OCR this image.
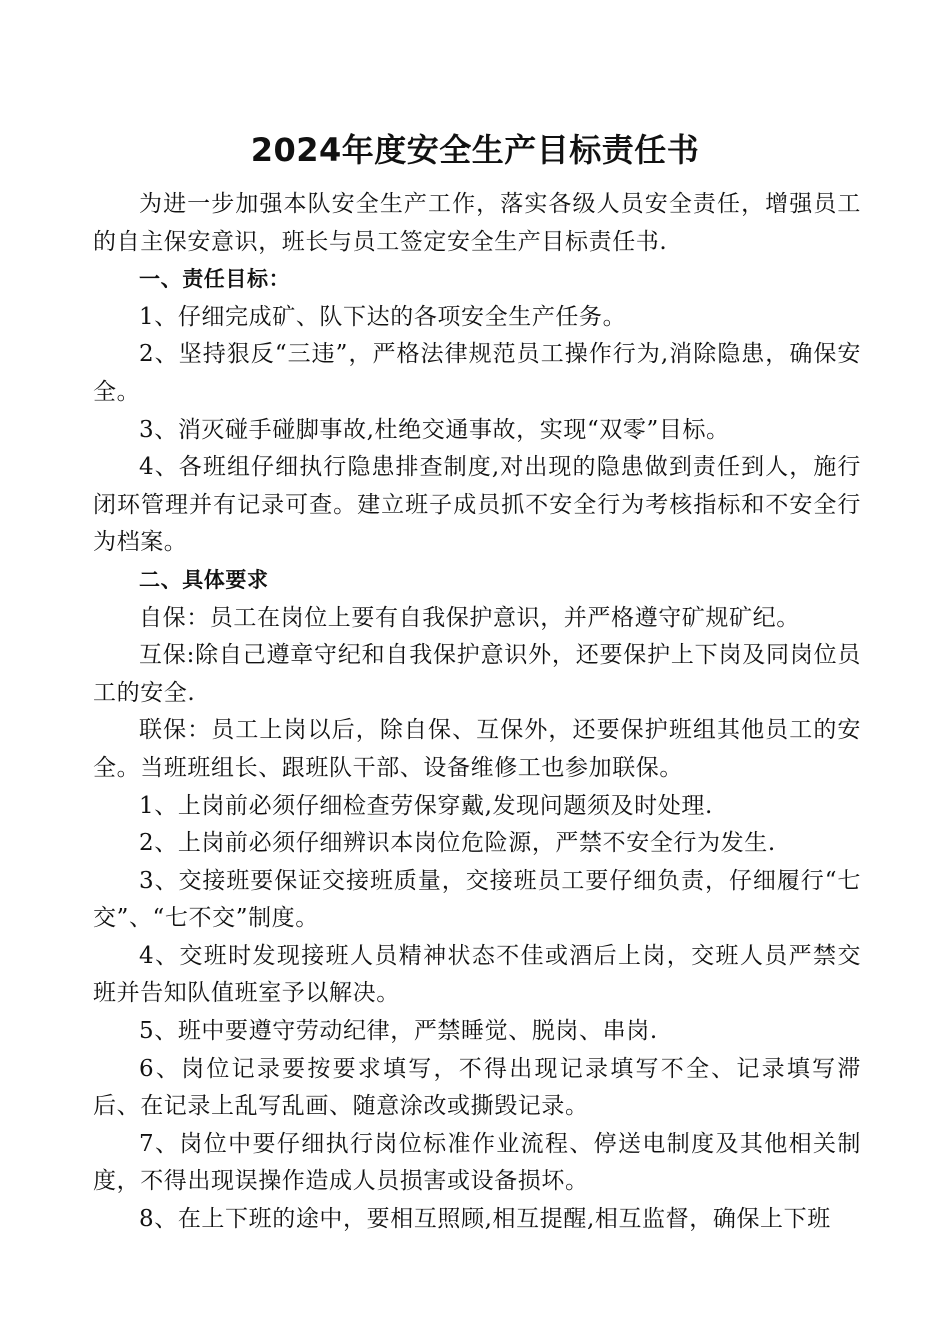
2024年度安全生产目标责任书

为进一步加强本队安全生产工作，落实各级人员安全责任，增强员工的自主保安意识，班长与员工签定安全生产目标责任书.

一、责任目标：

1、仔细完成矿、队下达的各项安全生产任务。

2、坚持狠反“三违”，严格法律规范员工操作行为,消除隐患，确保安全。

3、消灭碰手碰脚事故,杜绝交通事故，实现“双零”目标。

4、各班组仔细执行隐患排查制度,对出现的隐患做到责任到人，施行闭环管理并有记录可查。建立班子成员抓不安全行为考核指标和不安全行为档案。

二、具体要求

自保：员工在岗位上要有自我保护意识，并严格遵守矿规矿纪。

互保:除自己遵章守纪和自我保护意识外，还要保护上下岗及同岗位员工的安全.

联保：员工上岗以后，除自保、互保外，还要保护班组其他员工的安全。当班班组长、跟班队干部、设备维修工也参加联保。

1、上岗前必须仔细检查劳保穿戴,发现问题须及时处理.

2、上岗前必须仔细辨识本岗位危险源，严禁不安全行为发生.

3、交接班要保证交接班质量，交接班员工要仔细负责，仔细履行“七交”、“七不交”制度。

4、交班时发现接班人员精神状态不佳或酒后上岗，交班人员严禁交班并告知队值班室予以解决。

5、班中要遵守劳动纪律，严禁睡觉、脱岗、串岗.

6、岗位记录要按要求填写，不得出现记录填写不全、记录填写滞后、在记录上乱写乱画、随意涂改或撕毁记录。

7、岗位中要仔细执行岗位标准作业流程、停送电制度及其他相关制度，不得出现误操作造成人员损害或设备损坏。

8、在上下班的途中，要相互照顾,相互提醒,相互监督，确保上下班
